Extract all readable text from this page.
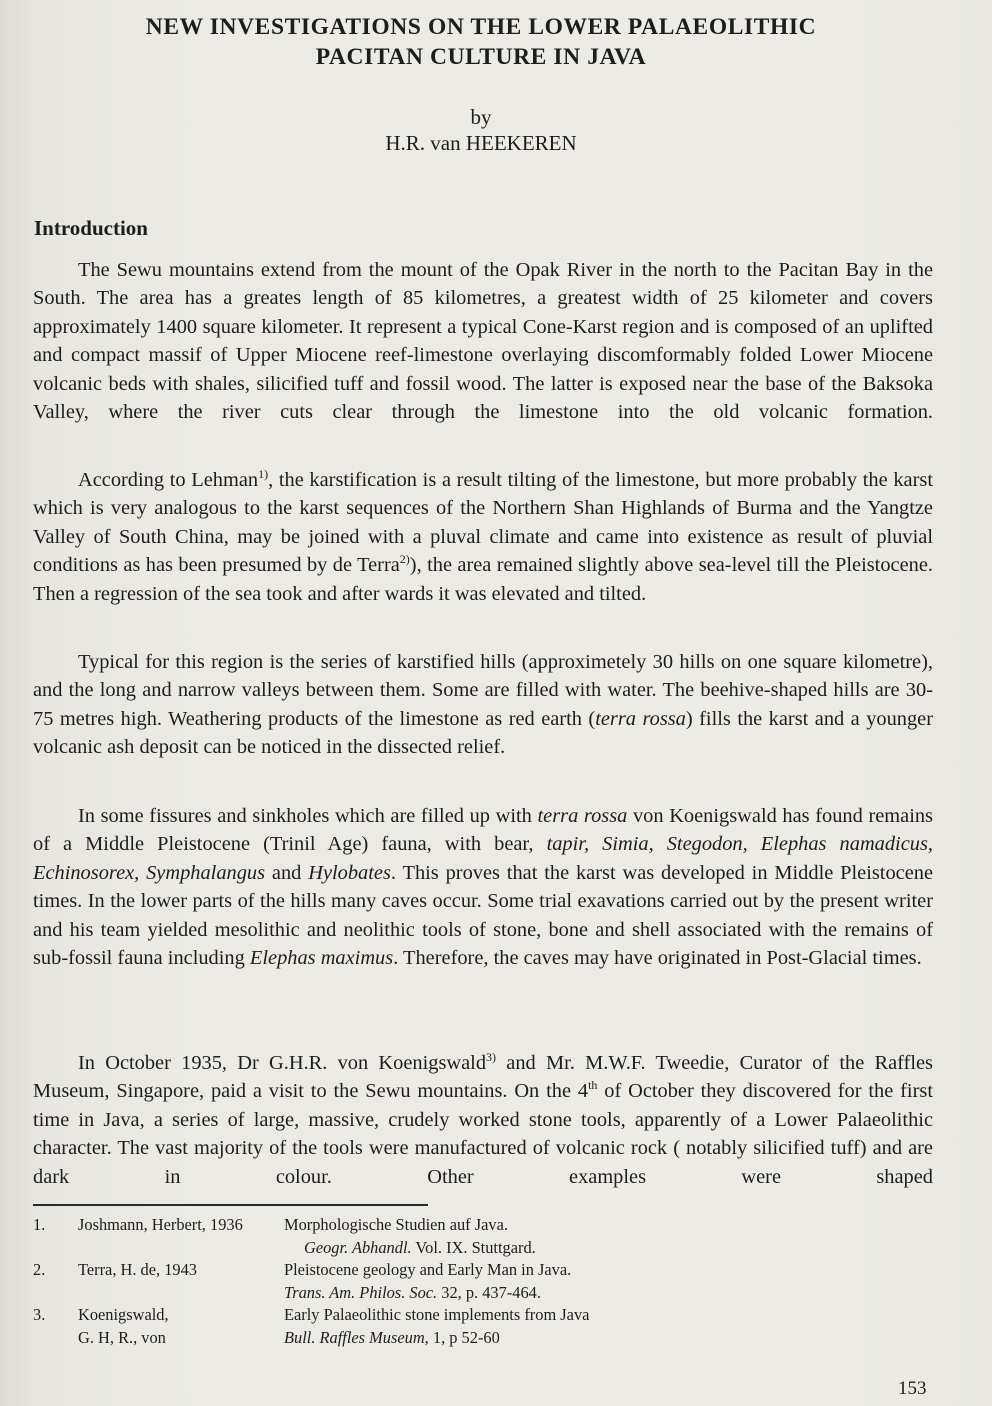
NEW INVESTIGATIONS ON THE LOWER PALAEOLITHIC
PACITAN CULTURE IN JAVA
by
H.R. van HEEKEREN
Introduction

The Sewu mountains extend from the mount of the Opak River in the north to the Pacitan Bay in the South. The area has a greates length of 85 kilometres, a greatest width of 25 kilometer and covers approximately 1400 square kilometer. It represent a typical Cone-Karst region and is composed of an uplifted and compact massif of Upper Miocene reef-limestone overlaying discomformably folded Lower Miocene volcanic beds with shales, silicified tuff and fossil wood. The latter is exposed near the base of the Baksoka Valley, where the river cuts clear through the limestone into the old volcanic formation.

According to Lehman$^{1)}$, the karstification is a result tilting of the limestone, but more probably the karst which is very analogous to the karst sequences of the Northern Shan Highlands of Burma and the Yangtze Valley of South China, may be joined with a pluval climate and came into existence as result of pluvial conditions as has been presumed by de Terra$^{2)}$), the area remained slightly above sea-level till the Pleistocene. Then a regression of the sea took and after wards it was elevated and tilted.

Typical for this region is the series of karstified hills (approximetely 30 hills on one square kilometre), and the long and narrow valleys between them. Some are filled with water. The beehive-shaped hills are 30-75 metres high. Weathering products of the limestone as red earth (terra rossa) fills the karst and a younger volcanic ash deposit can be noticed in the dissected relief.

In some fissures and sinkholes which are filled up with terra rossa von Koenigswald has found remains of a Middle Pleistocene (Trinil Age) fauna, with bear, tapir, Simia, Stegodon, Elephas namadicus, Echinosorex, Symphalangus and Hylobates. This proves that the karst was developed in Middle Pleistocene times. In the lower parts of the hills many caves occur. Some trial exavations carried out by the present writer and his team yielded mesolithic and neolithic tools of stone, bone and shell associated with the remains of sub-fossil fauna including Elephas maximus. Therefore, the caves may have originated in Post-Glacial times.

In October 1935, Dr G.H.R. von Koenigswald$^{3)}$ and Mr. M.W.F. Tweedie, Curator of the Raffles Museum, Singapore, paid a visit to the Sewu mountains. On the 4th of October they discovered for the first time in Java, a series of large, massive, crudely worked stone tools, apparently of a Lower Palaeolithic character. The vast majority of the tools were manufactured of volcanic rock ( notably silicified tuff) and are dark in colour. Other examples were shaped

1.	Joshmann, Herbert, 1936	Morphologische Studien auf Java.
Geogr. Abhandl. Vol. IX. Stuttgard.
2.	Terra, H. de, 1943	Pleistocene geology and Early Man in Java.
Trans. Am. Philos. Soc. 32, p. 437-464.
3.	Koenigswald,	Early Palaeolithic stone implements from Java
G. H, R., von	Bull. Raffles Museum, 1, p 52-60
153
